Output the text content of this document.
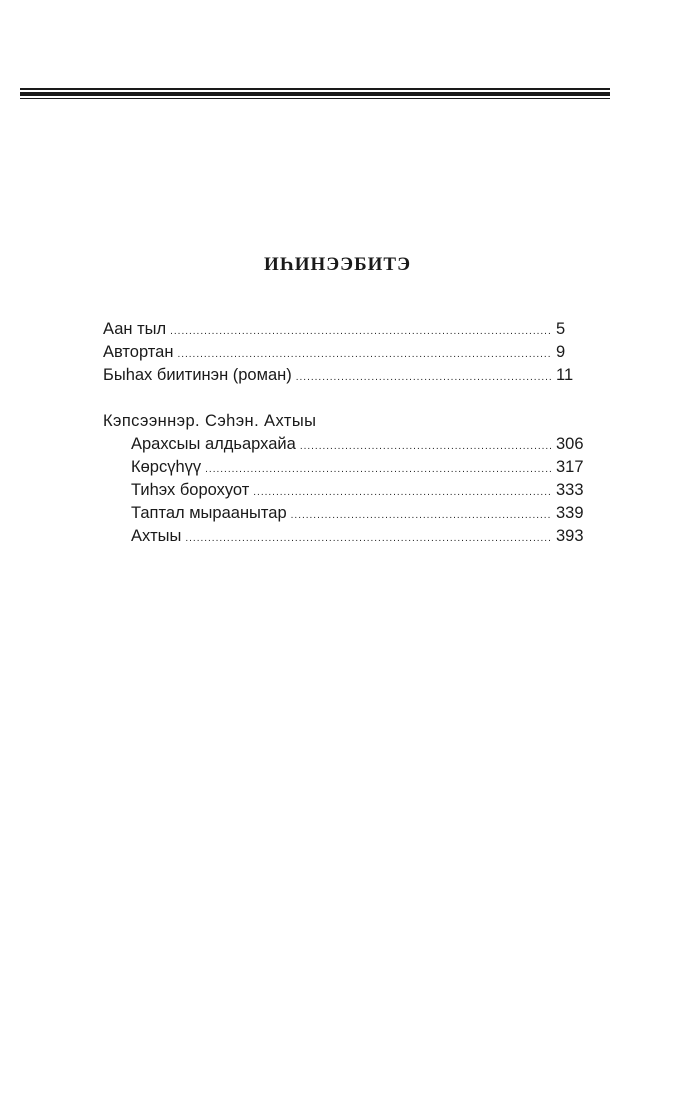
ИҺИНЭЭБИТЭ
Аан тыл .....	5
Автортан .....	9
Быһах биитинэн (роман) .....	11
Кэпсээннэр. Сэһэн. Ахтыы
Арахсыы алдьархайа .....	306
Көрсүһүү .....	317
Тиһэх борохуот .....	333
Таптал мыраанытар .....	339
Ахтыы .....	393
